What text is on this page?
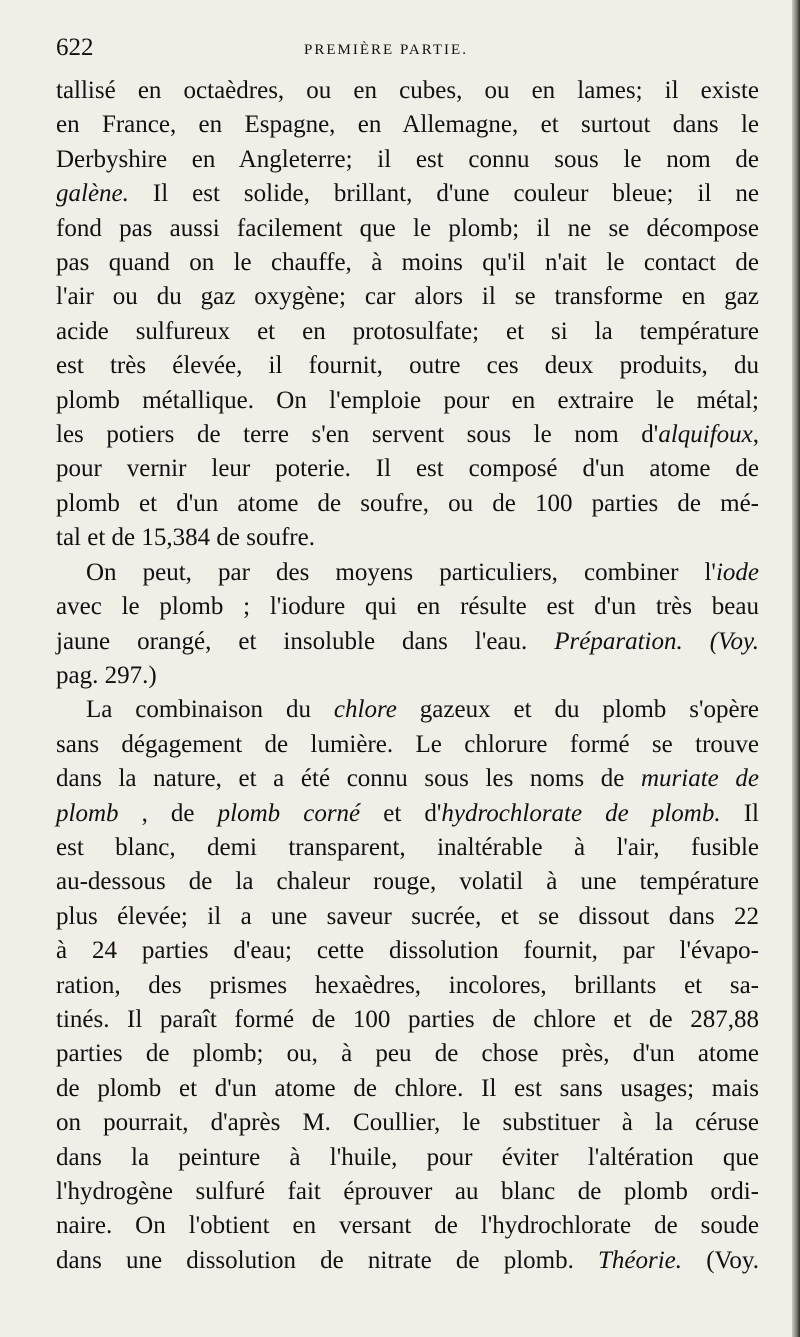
622	PREMIÈRE PARTIE.
tallisé en octaèdres, ou en cubes, ou en lames; il existe
en France, en Espagne, en Allemagne, et surtout dans le
Derbyshire en Angleterre; il est connu sous le nom de
galène. Il est solide, brillant, d'une couleur bleue; il ne
fond pas aussi facilement que le plomb; il ne se décompose
pas quand on le chauffe, à moins qu'il n'ait le contact de
l'air ou du gaz oxygène; car alors il se transforme en gaz
acide sulfureux et en protosulfate; et si la température
est très élevée, il fournit, outre ces deux produits, du
plomb métallique. On l'emploie pour en extraire le métal;
les potiers de terre s'en servent sous le nom d'alquifoux,
pour vernir leur poterie. Il est composé d'un atome de
plomb et d'un atome de soufre, ou de 100 parties de mé-
tal et de 15,384 de soufre.
On peut, par des moyens particuliers, combiner l'iode
avec le plomb ; l'iodure qui en résulte est d'un très beau
jaune orangé, et insoluble dans l'eau. Préparation. (Voy.
pag. 297.)
La combinaison du chlore gazeux et du plomb s'opère
sans dégagement de lumière. Le chlorure formé se trouve
dans la nature, et a été connu sous les noms de muriate de
plomb , de plomb corné et d'hydrochlorate de plomb. Il
est blanc, demi transparent, inaltérable à l'air, fusible
au-dessous de la chaleur rouge, volatil à une température
plus élevée; il a une saveur sucrée, et se dissout dans 22
à 24 parties d'eau; cette dissolution fournit, par l'évapo-
ration, des prismes hexaèdres, incolores, brillants et sa-
tinés. Il paraît formé de 100 parties de chlore et de 287,88
parties de plomb; ou, à peu de chose près, d'un atome
de plomb et d'un atome de chlore. Il est sans usages; mais
on pourrait, d'après M. Coullier, le substituer à la céruse
dans la peinture à l'huile, pour éviter l'altération que
l'hydrogène sulfuré fait éprouver au blanc de plomb ordi-
naire. On l'obtient en versant de l'hydrochlorate de soude
dans une dissolution de nitrate de plomb. Théorie. (Voy.
